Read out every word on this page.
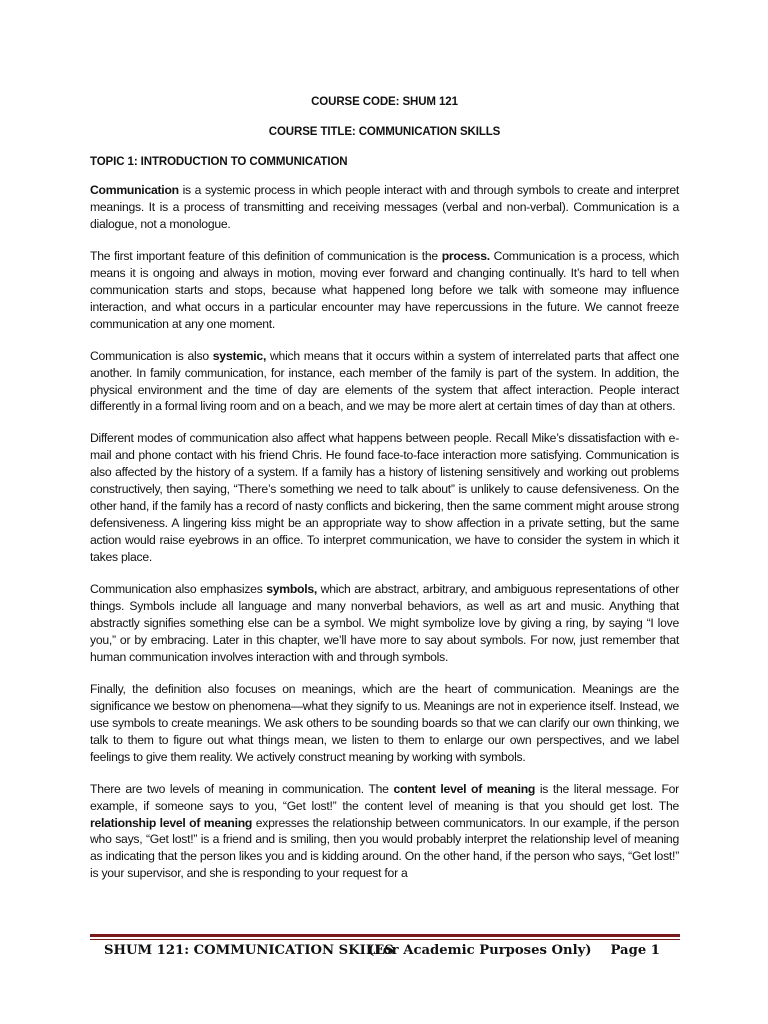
COURSE CODE: SHUM 121
COURSE TITLE: COMMUNICATION SKILLS
TOPIC 1: INTRODUCTION TO COMMUNICATION

Communication is a systemic process in which people interact with and through symbols to create and interpret meanings. It is a process of transmitting and receiving messages (verbal and non-verbal). Communication is a dialogue, not a monologue.

The first important feature of this definition of communication is the process. Communication is a process, which means it is ongoing and always in motion, moving ever forward and changing continually. It’s hard to tell when communication starts and stops, because what happened long before we talk with someone may influence interaction, and what occurs in a particular encounter may have repercussions in the future. We cannot freeze communication at any one moment.

Communication is also systemic, which means that it occurs within a system of interrelated parts that affect one another. In family communication, for instance, each member of the family is part of the system. In addition, the physical environment and the time of day are elements of the system that affect interaction. People interact differently in a formal living room and on a beach, and we may be more alert at certain times of day than at others.

Different modes of communication also affect what happens between people. Recall Mike’s dissatisfaction with e-mail and phone contact with his friend Chris. He found face-to-face interaction more satisfying. Communication is also affected by the history of a system. If a family has a history of listening sensitively and working out problems constructively, then saying, “There’s something we need to talk about” is unlikely to cause defensiveness. On the other hand, if the family has a record of nasty conflicts and bickering, then the same comment might arouse strong defensiveness. A lingering kiss might be an appropriate way to show affection in a private setting, but the same action would raise eyebrows in an office. To interpret communication, we have to consider the system in which it takes place.

Communication also emphasizes symbols, which are abstract, arbitrary, and ambiguous representations of other things. Symbols include all language and many nonverbal behaviors, as well as art and music. Anything that abstractly signifies something else can be a symbol. We might symbolize love by giving a ring, by saying “I love you,” or by embracing. Later in this chapter, we’ll have more to say about symbols. For now, just remember that human communication involves interaction with and through symbols.

Finally, the definition also focuses on meanings, which are the heart of communication. Meanings are the significance we bestow on phenomena—what they signify to us. Meanings are not in experience itself. Instead, we use symbols to create meanings. We ask others to be sounding boards so that we can clarify our own thinking, we talk to them to figure out what things mean, we listen to them to enlarge our own perspectives, and we label feelings to give them reality. We actively construct meaning by working with symbols.

There are two levels of meaning in communication. The content level of meaning is the literal message. For example, if someone says to you, “Get lost!” the content level of meaning is that you should get lost. The relationship level of meaning expresses the relationship between communicators. In our example, if the person who says, “Get lost!” is a friend and is smiling, then you would probably interpret the relationship level of meaning as indicating that the person likes you and is kidding around. On the other hand, if the person who says, “Get lost!” is your supervisor, and she is responding to your request for a

SHUM 121: COMMUNICATION SKILLS
(For Academic Purposes Only) Page 1
